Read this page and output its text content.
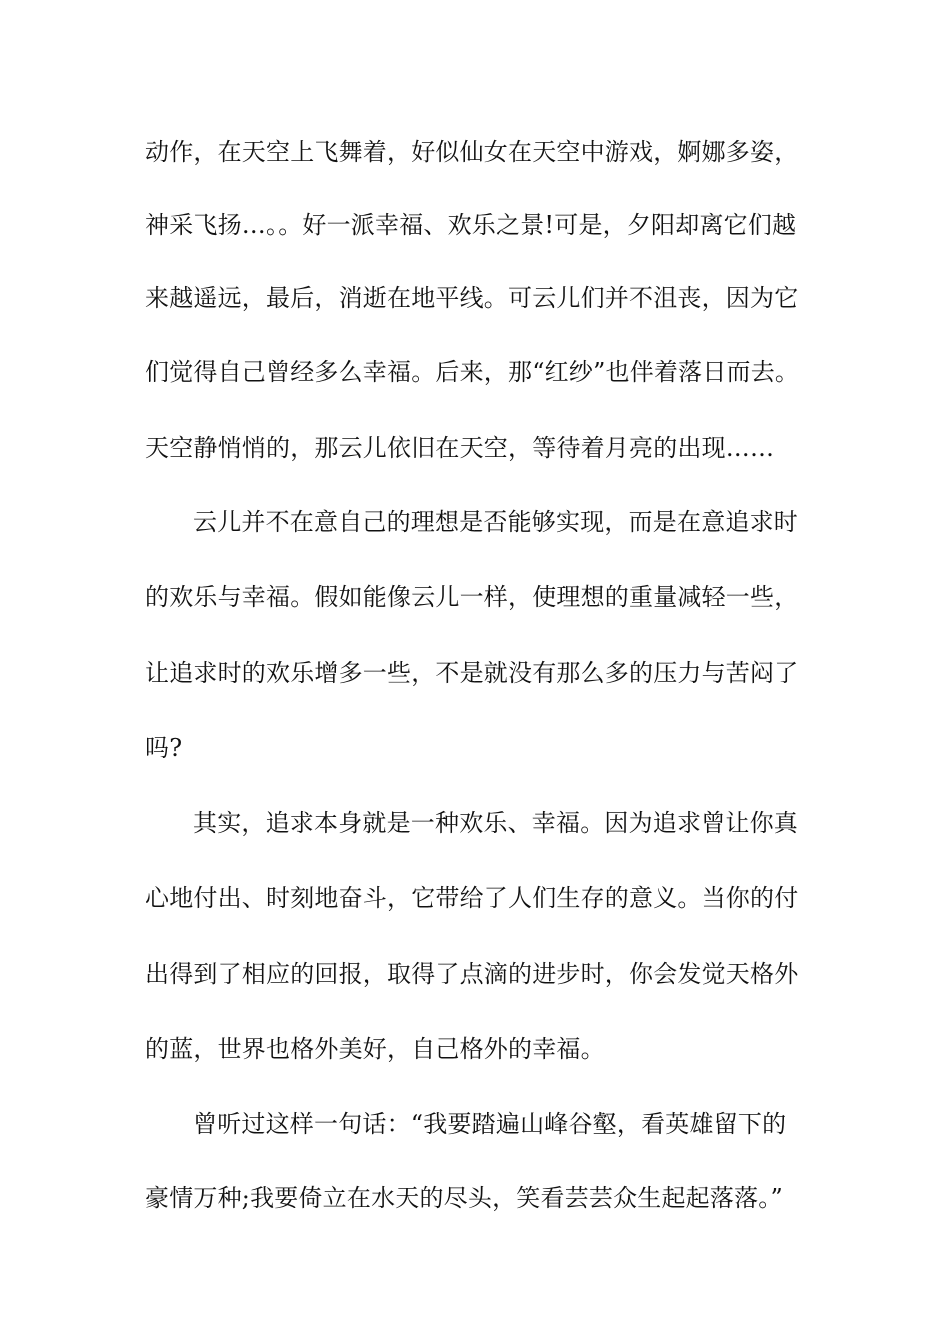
动作，在天空上飞舞着，好似仙女在天空中游戏，婀娜多姿，
神采飞扬…。。好一派幸福、欢乐之景!可是，夕阳却离它们越
来越遥远，最后，消逝在地平线。可云儿们并不沮丧，因为它
们觉得自己曾经多么幸福。后来，那“红纱”也伴着落日而去。
天空静悄悄的，那云儿依旧在天空，等待着月亮的出现……
云儿并不在意自己的理想是否能够实现，而是在意追求时
的欢乐与幸福。假如能像云儿一样，使理想的重量减轻一些，
让追求时的欢乐增多一些，不是就没有那么多的压力与苦闷了
吗?
其实，追求本身就是一种欢乐、幸福。因为追求曾让你真
心地付出、时刻地奋斗，它带给了人们生存的意义。当你的付
出得到了相应的回报，取得了点滴的进步时，你会发觉天格外
的蓝，世界也格外美好，自己格外的幸福。
曾听过这样一句话：“我要踏遍山峰谷壑，看英雄留下的
豪情万种;我要倚立在水天的尽头，笑看芸芸众生起起落落。”
